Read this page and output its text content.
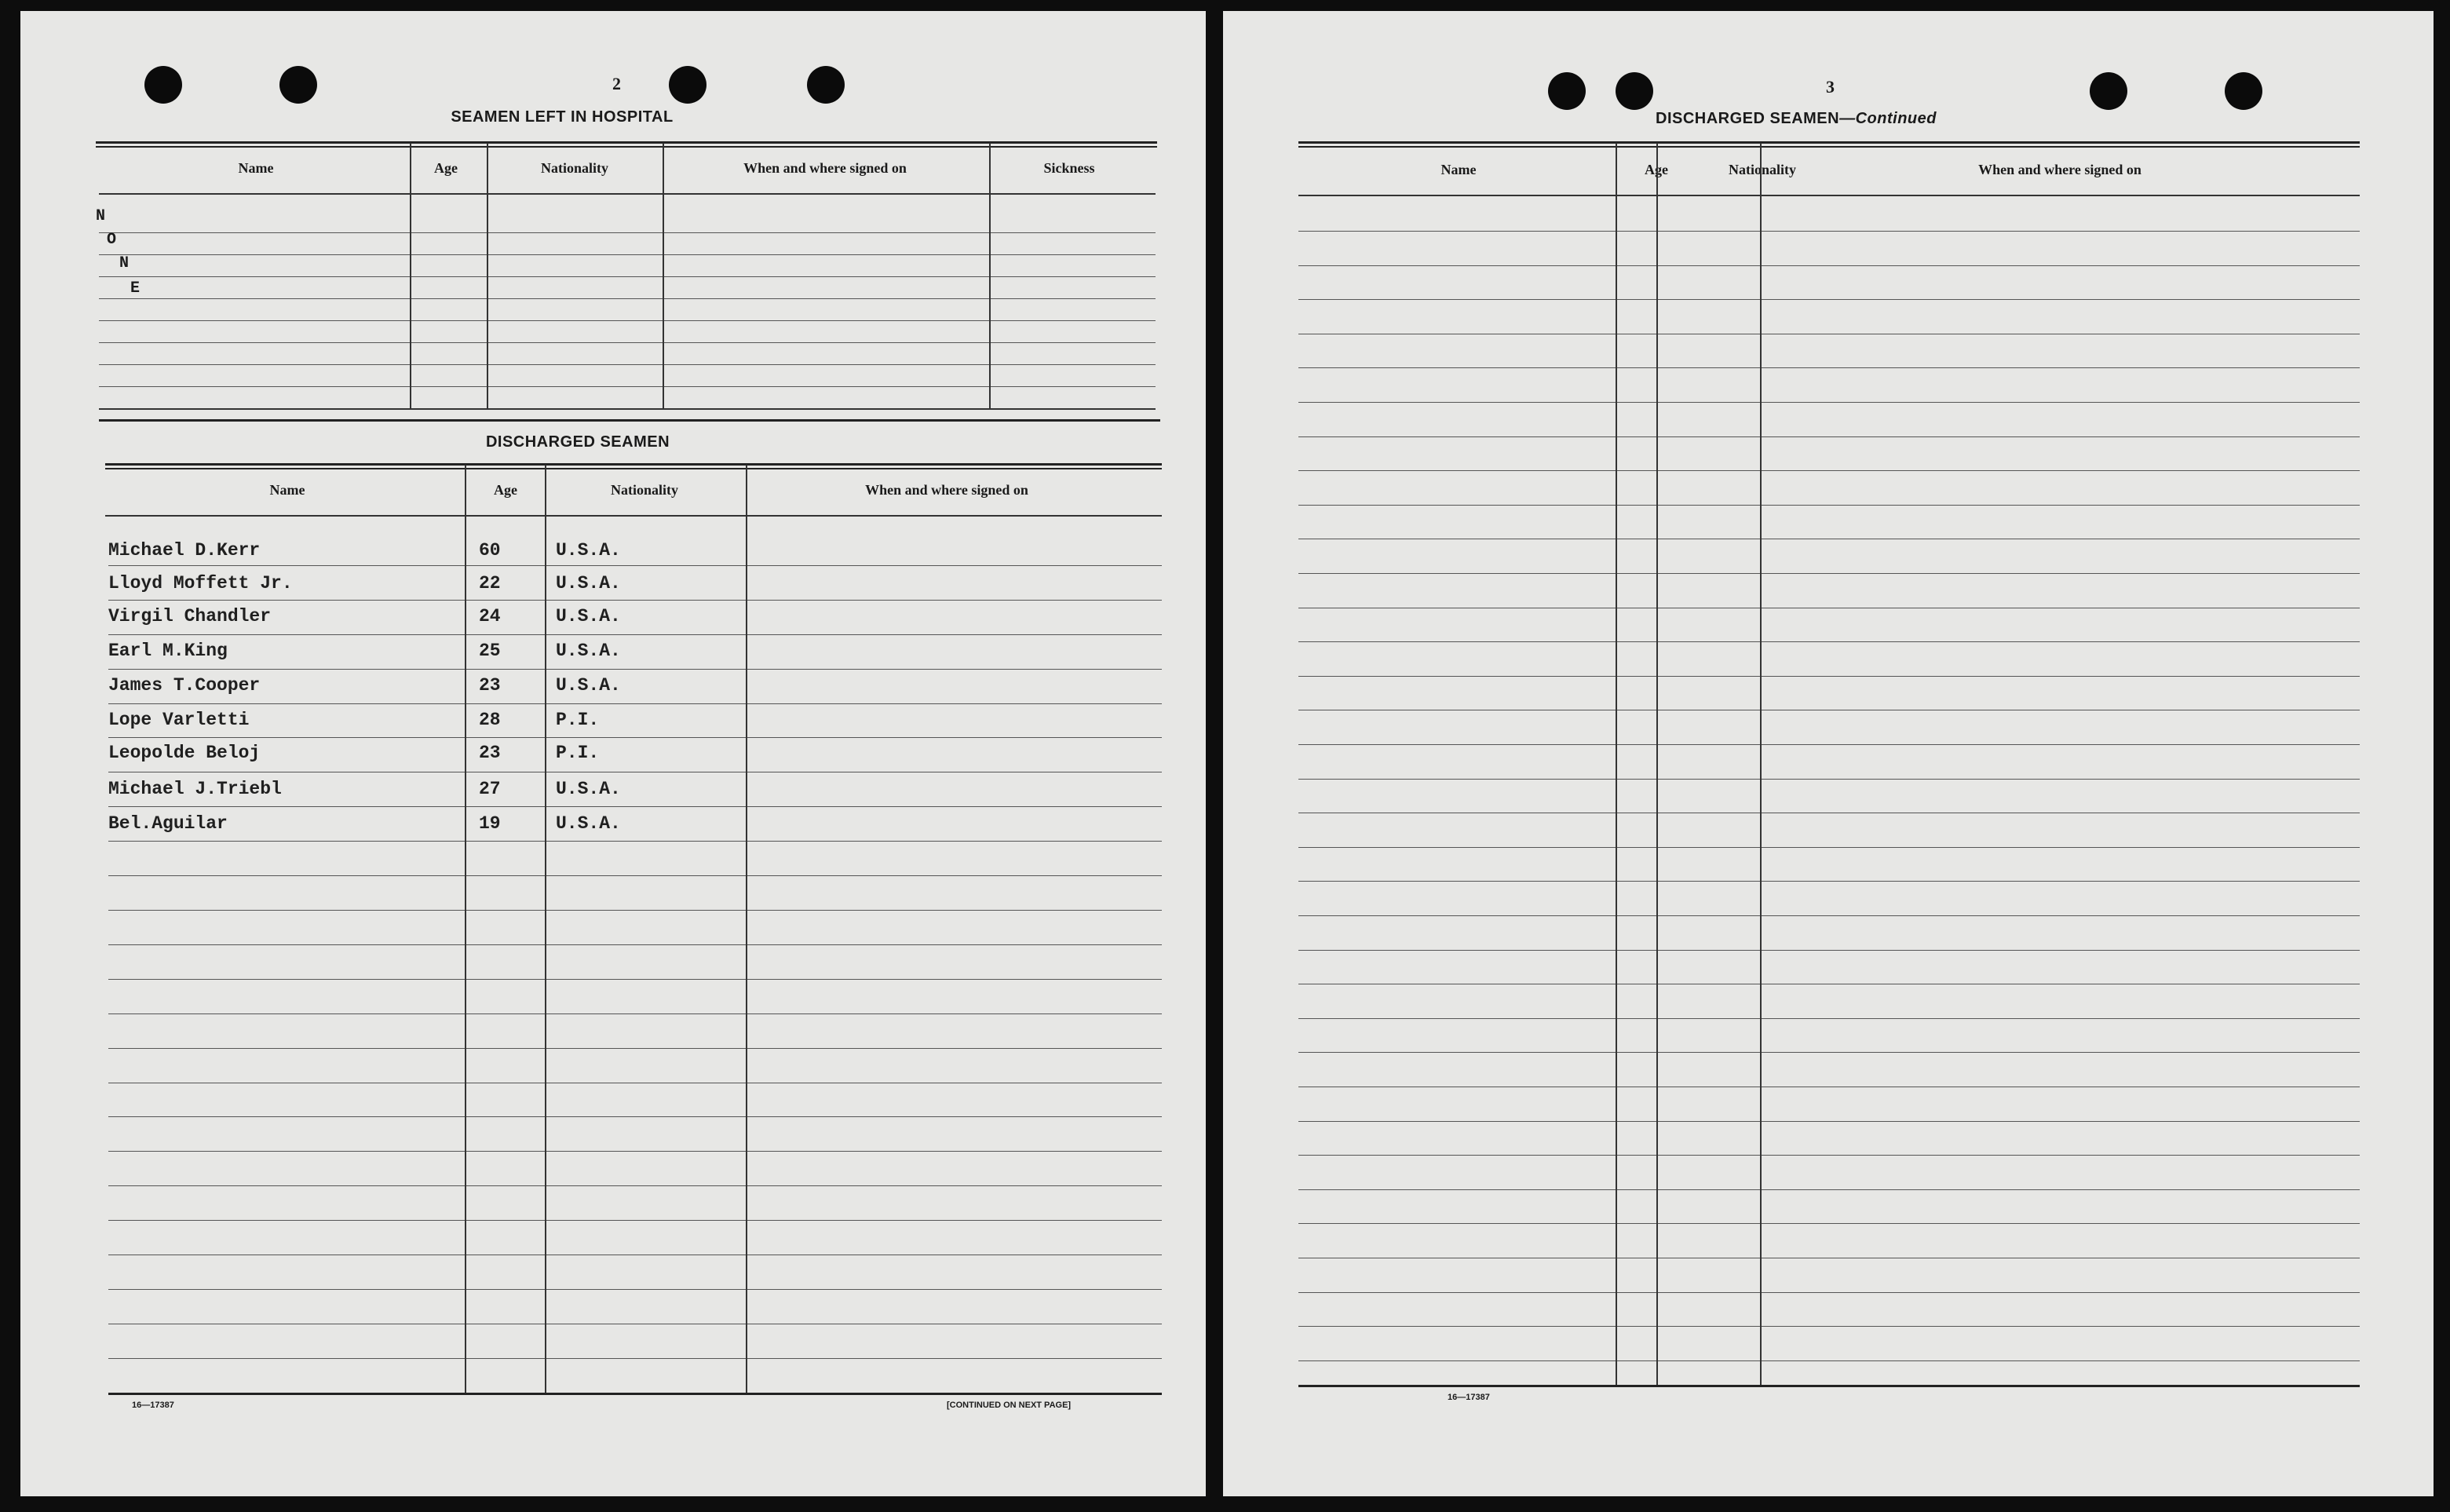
2
SEAMEN LEFT IN HOSPITAL
Name	Age	Nationality	When and where signed on	Sickness
N
O
N
E
DISCHARGED SEAMEN
Name	Age	Nationality	When and where signed on
Michael D.Kerr	60	U.S.A.
Lloyd Moffett Jr.	22	U.S.A.
Virgil Chandler	24	U.S.A.
Earl M.King	25	U.S.A.
James T.Cooper	23	U.S.A.
Lope Varletti	28	P.I.
Leopolde Beloj	23	P.I.
Michael J.Triebl	27	U.S.A.
Bel.Aguilar	19	U.S.A.
16—17387	[CONTINUED ON NEXT PAGE]
3
DISCHARGED SEAMEN—Continued
Name	Age	Nationality	When and where signed on
16—17387
